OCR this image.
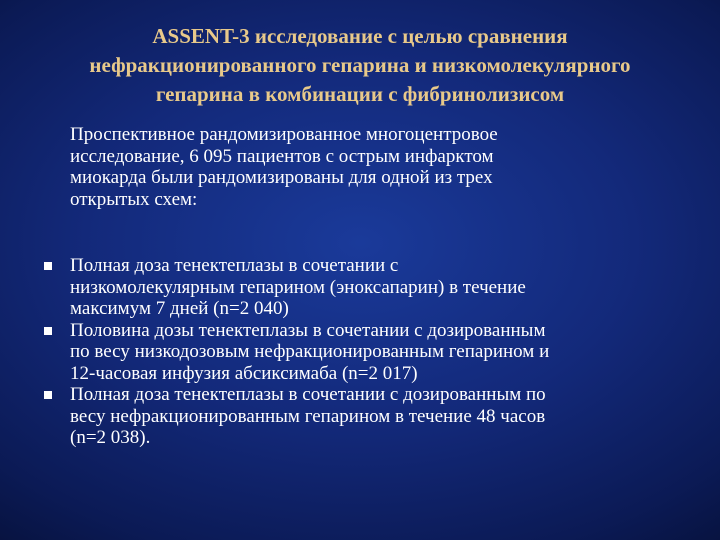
ASSENT-3 исследование с целью сравнения
нефракционированного гепарина и низкомолекулярного
гепарина в комбинации с фибринолизисом
Проспективное рандомизированное многоцентровое
исследование, 6 095 пациентов с острым инфарктом
миокарда были рандомизированы для одной из трех
открытых схем:
Полная доза тенектеплазы в сочетании с
низкомолекулярным гепарином (эноксапарин) в течение
максимум 7 дней (n=2 040)
Половина дозы тенектеплазы в сочетании с дозированным
по весу низкодозовым нефракционированным гепарином и
12-часовая инфузия абсиксимаба (n=2 017)
Полная доза тенектеплазы в сочетании с дозированным по
весу нефракционированным гепарином в течение 48 часов
(n=2 038).
